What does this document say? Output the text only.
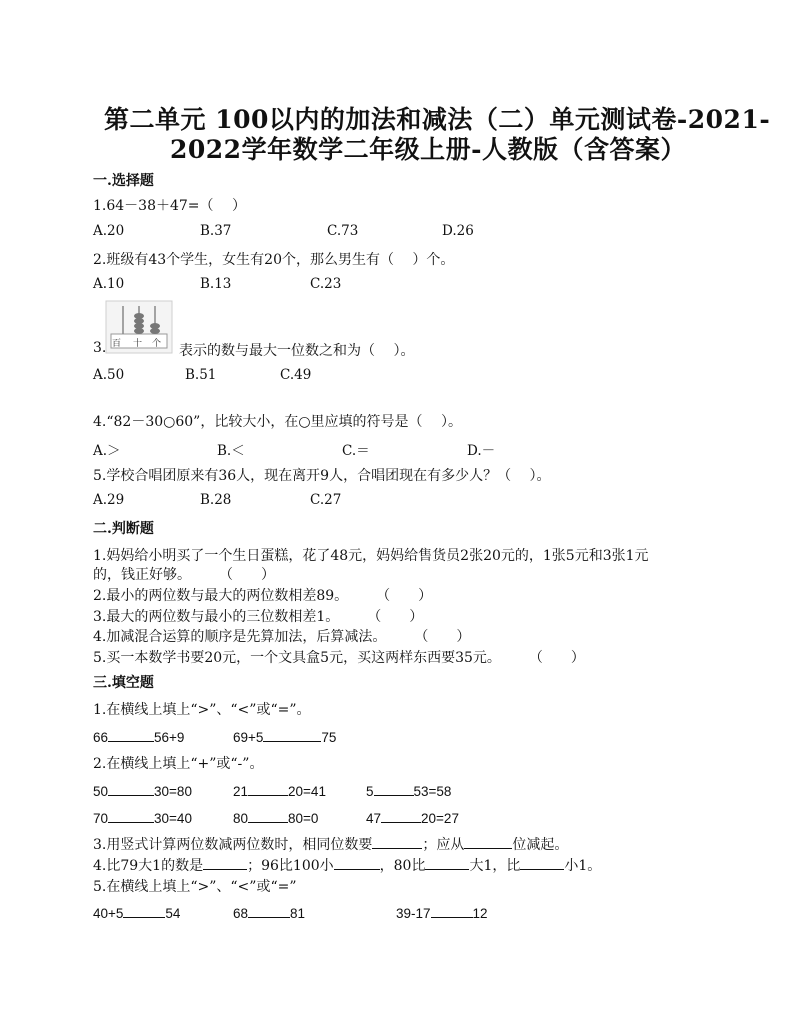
第二单元 100以内的加法和减法（二）单元测试卷-2021-
2022学年数学二年级上册-人教版（含答案）
一.选择题
1.64－38＋47=（　 ）
A.20	B.37	C.73	D.26
2.班级有43个学生，女生有20个，那么男生有（　 ）个。
A.10	B.13	C.23
3. 百 十 个 表示的数与最大一位数之和为（　 ）。
A.50	B.51	C.49
4.“82－30○60”，比较大小，在○里应填的符号是（　 ）。
A.＞	B.＜	C.＝	D.－
5.学校合唱团原来有36人，现在离开9人，合唱团现在有多少人？（　 ）。
A.29	B.28	C.27
二.判断题
1.妈妈给小明买了一个生日蛋糕，花了48元，妈妈给售货员2张20元的，1张5元和3张1元
的，钱正好够。　　　（　　）
2.最小的两位数与最大的两位数相差89。　　　（　　）
3.最大的两位数与最小的三位数相差1。　　　（　　）
4.加减混合运算的顺序是先算加法，后算减法。　　　（　　）
5.买一本数学书要20元，一个文具盒5元，买这两样东西要35元。　　　（　　）
三.填空题
1.在横线上填上“>”、“<”或“=”。
66	56+9	69+5	75
2.在横线上填上“+”或“-”。
50	30=80	21	20=41	5	53=58
70	30=40	80	80=0	47	20=27
3.用竖式计算两位数减两位数时，相同位数要	；应从	位减起。
4.比79大1的数是	；96比100小	，80比	大1，比	小1。
5.在横线上填上“>”、“<”或“=”
40+5	54	68	81	39-17	12
